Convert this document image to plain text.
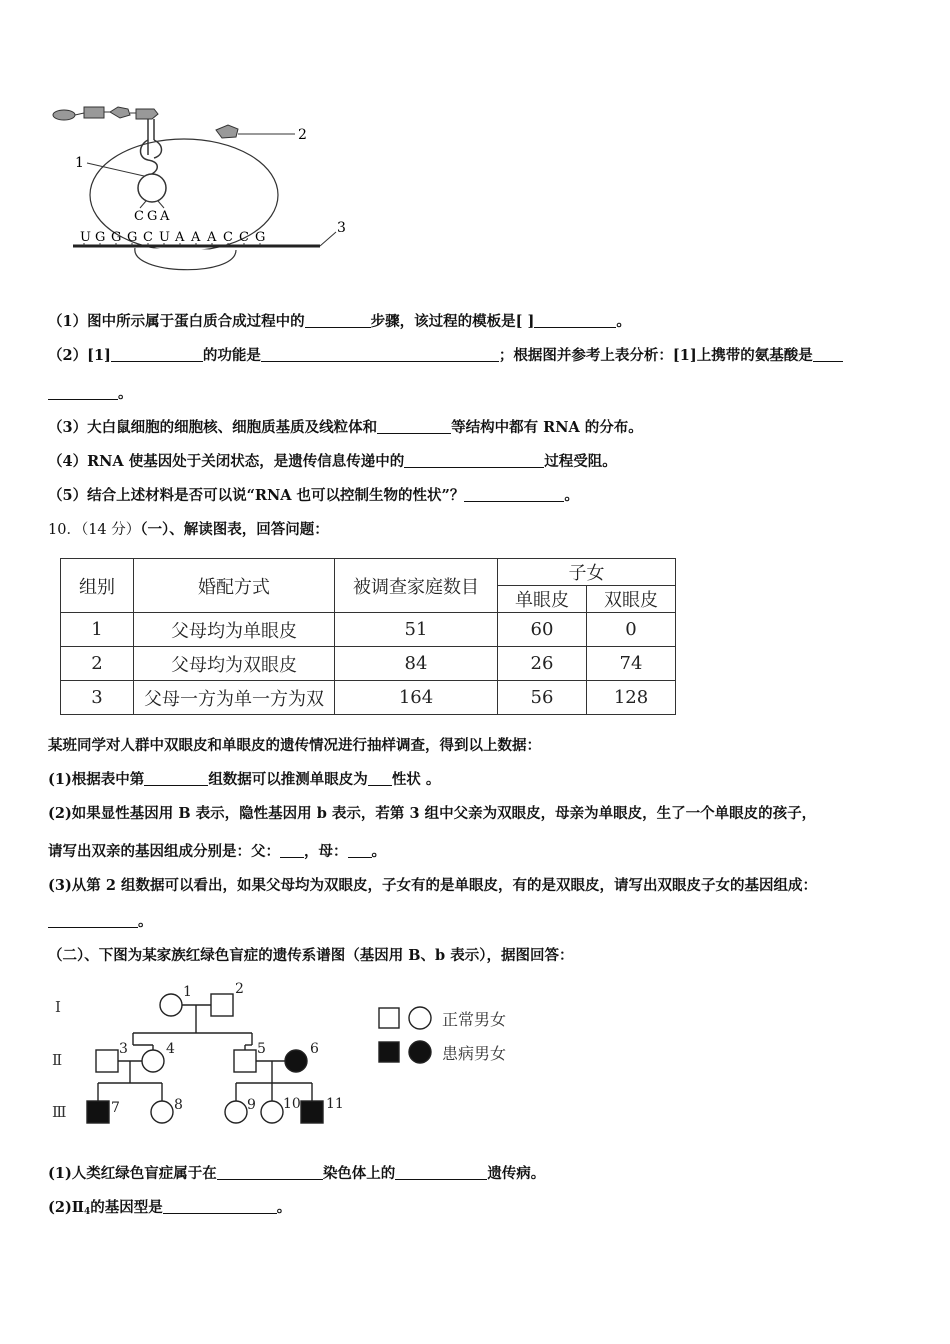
2
1
C G A
3
U G G G C U A A A C C G
（1）图中所示属于蛋白质合成过程中的	步骤，该过程的模板是[ ]	。
（2）[1]	的功能是	；根据图并参考上表分析：[1]上携带的氨基酸是
。
（3）大白鼠细胞的细胞核、细胞质基质及线粒体和	等结构中都有 RNA 的分布。
（4）RNA 使基因处于关闭状态，是遗传信息传递中的	过程受阻。
（5）结合上述材料是否可以说“RNA 也可以控制生物的性状”？	。
10．（14 分）（一）、解读图表，回答问题：
组别	婚配方式	被调查家庭数目	子女	
			单眼皮	双眼皮
1	父母均为单眼皮	51	60	0
2	父母均为双眼皮	84	26	74
3	父母一方为单一方为双	164	56	128
某班同学对人群中双眼皮和单眼皮的遗传情况进行抽样调查，得到以上数据：
(1)根据表中第	组数据可以推测单眼皮为 性状 。
(2)如果显性基因用 B 表示，隐性基因用 b 表示，若第 3 组中父亲为双眼皮，母亲为单眼皮，生了一个单眼皮的孩子，
请写出双亲的基因组成分别是：父： ，母： 。
(3)从第 2 组数据可以看出，如果父母均为双眼皮，子女有的是单眼皮，有的是双眼皮，请写出双眼皮子女的基因组成：
。
（二）、下图为某家族红绿色盲症的遗传系谱图（基因用 B、b 表示），据图回答：
I
Ⅱ
Ⅲ
1	2
3	4	5	6
7	8	9 10 11
正常男女
患病男女
(1)人类红绿色盲症属于在	染色体上的	遗传病。
$(2)Ⅱ_4$的基因型是	。
